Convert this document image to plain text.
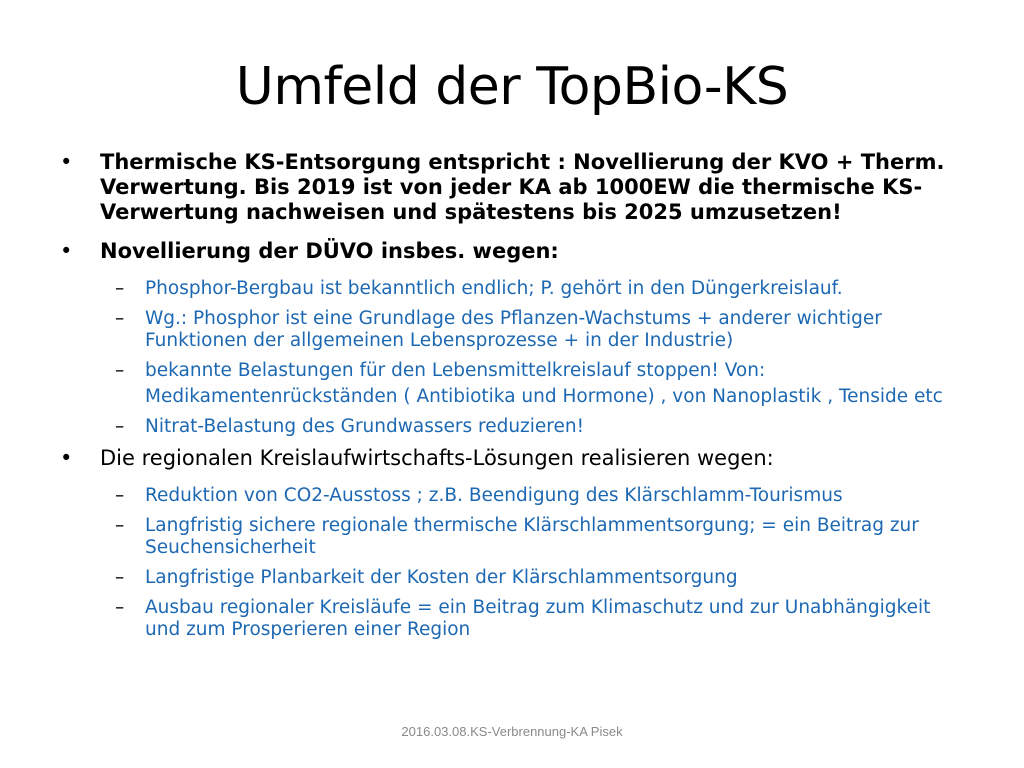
Umfeld der TopBio-KS
• Thermische KS-Entsorgung entspricht : Novellierung der KVO + Therm. Verwertung. Bis 2019 ist von jeder KA ab 1000EW die thermische KS-Verwertung nachweisen und spätestens bis 2025 umzusetzen!
• Novellierung der DÜVO insbes. wegen:
– Phosphor-Bergbau ist bekanntlich endlich; P. gehört in den Düngerkreislauf.
– Wg.: Phosphor ist eine Grundlage des Pflanzen-Wachstums + anderer wichtiger Funktionen der allgemeinen Lebensprozesse + in der Industrie)
– bekannte Belastungen für den Lebensmittelkreislauf stoppen! Von:
Medikamentenrückständen ( Antibiotika und Hormone) , von Nanoplastik , Tenside etc
– Nitrat-Belastung des Grundwassers reduzieren!
• Die regionalen Kreislaufwirtschafts-Lösungen realisieren wegen:
– Reduktion von CO2-Ausstoss ; z.B. Beendigung des Klärschlamm-Tourismus
– Langfristig sichere regionale thermische Klärschlammentsorgung; = ein Beitrag zur Seuchensicherheit
– Langfristige Planbarkeit der Kosten der Klärschlammentsorgung
– Ausbau regionaler Kreisläufe = ein Beitrag zum Klimaschutz und zur Unabhängigkeit und zum Prosperieren einer Region
2016.03.08.KS-Verbrennung-KA Pisek
